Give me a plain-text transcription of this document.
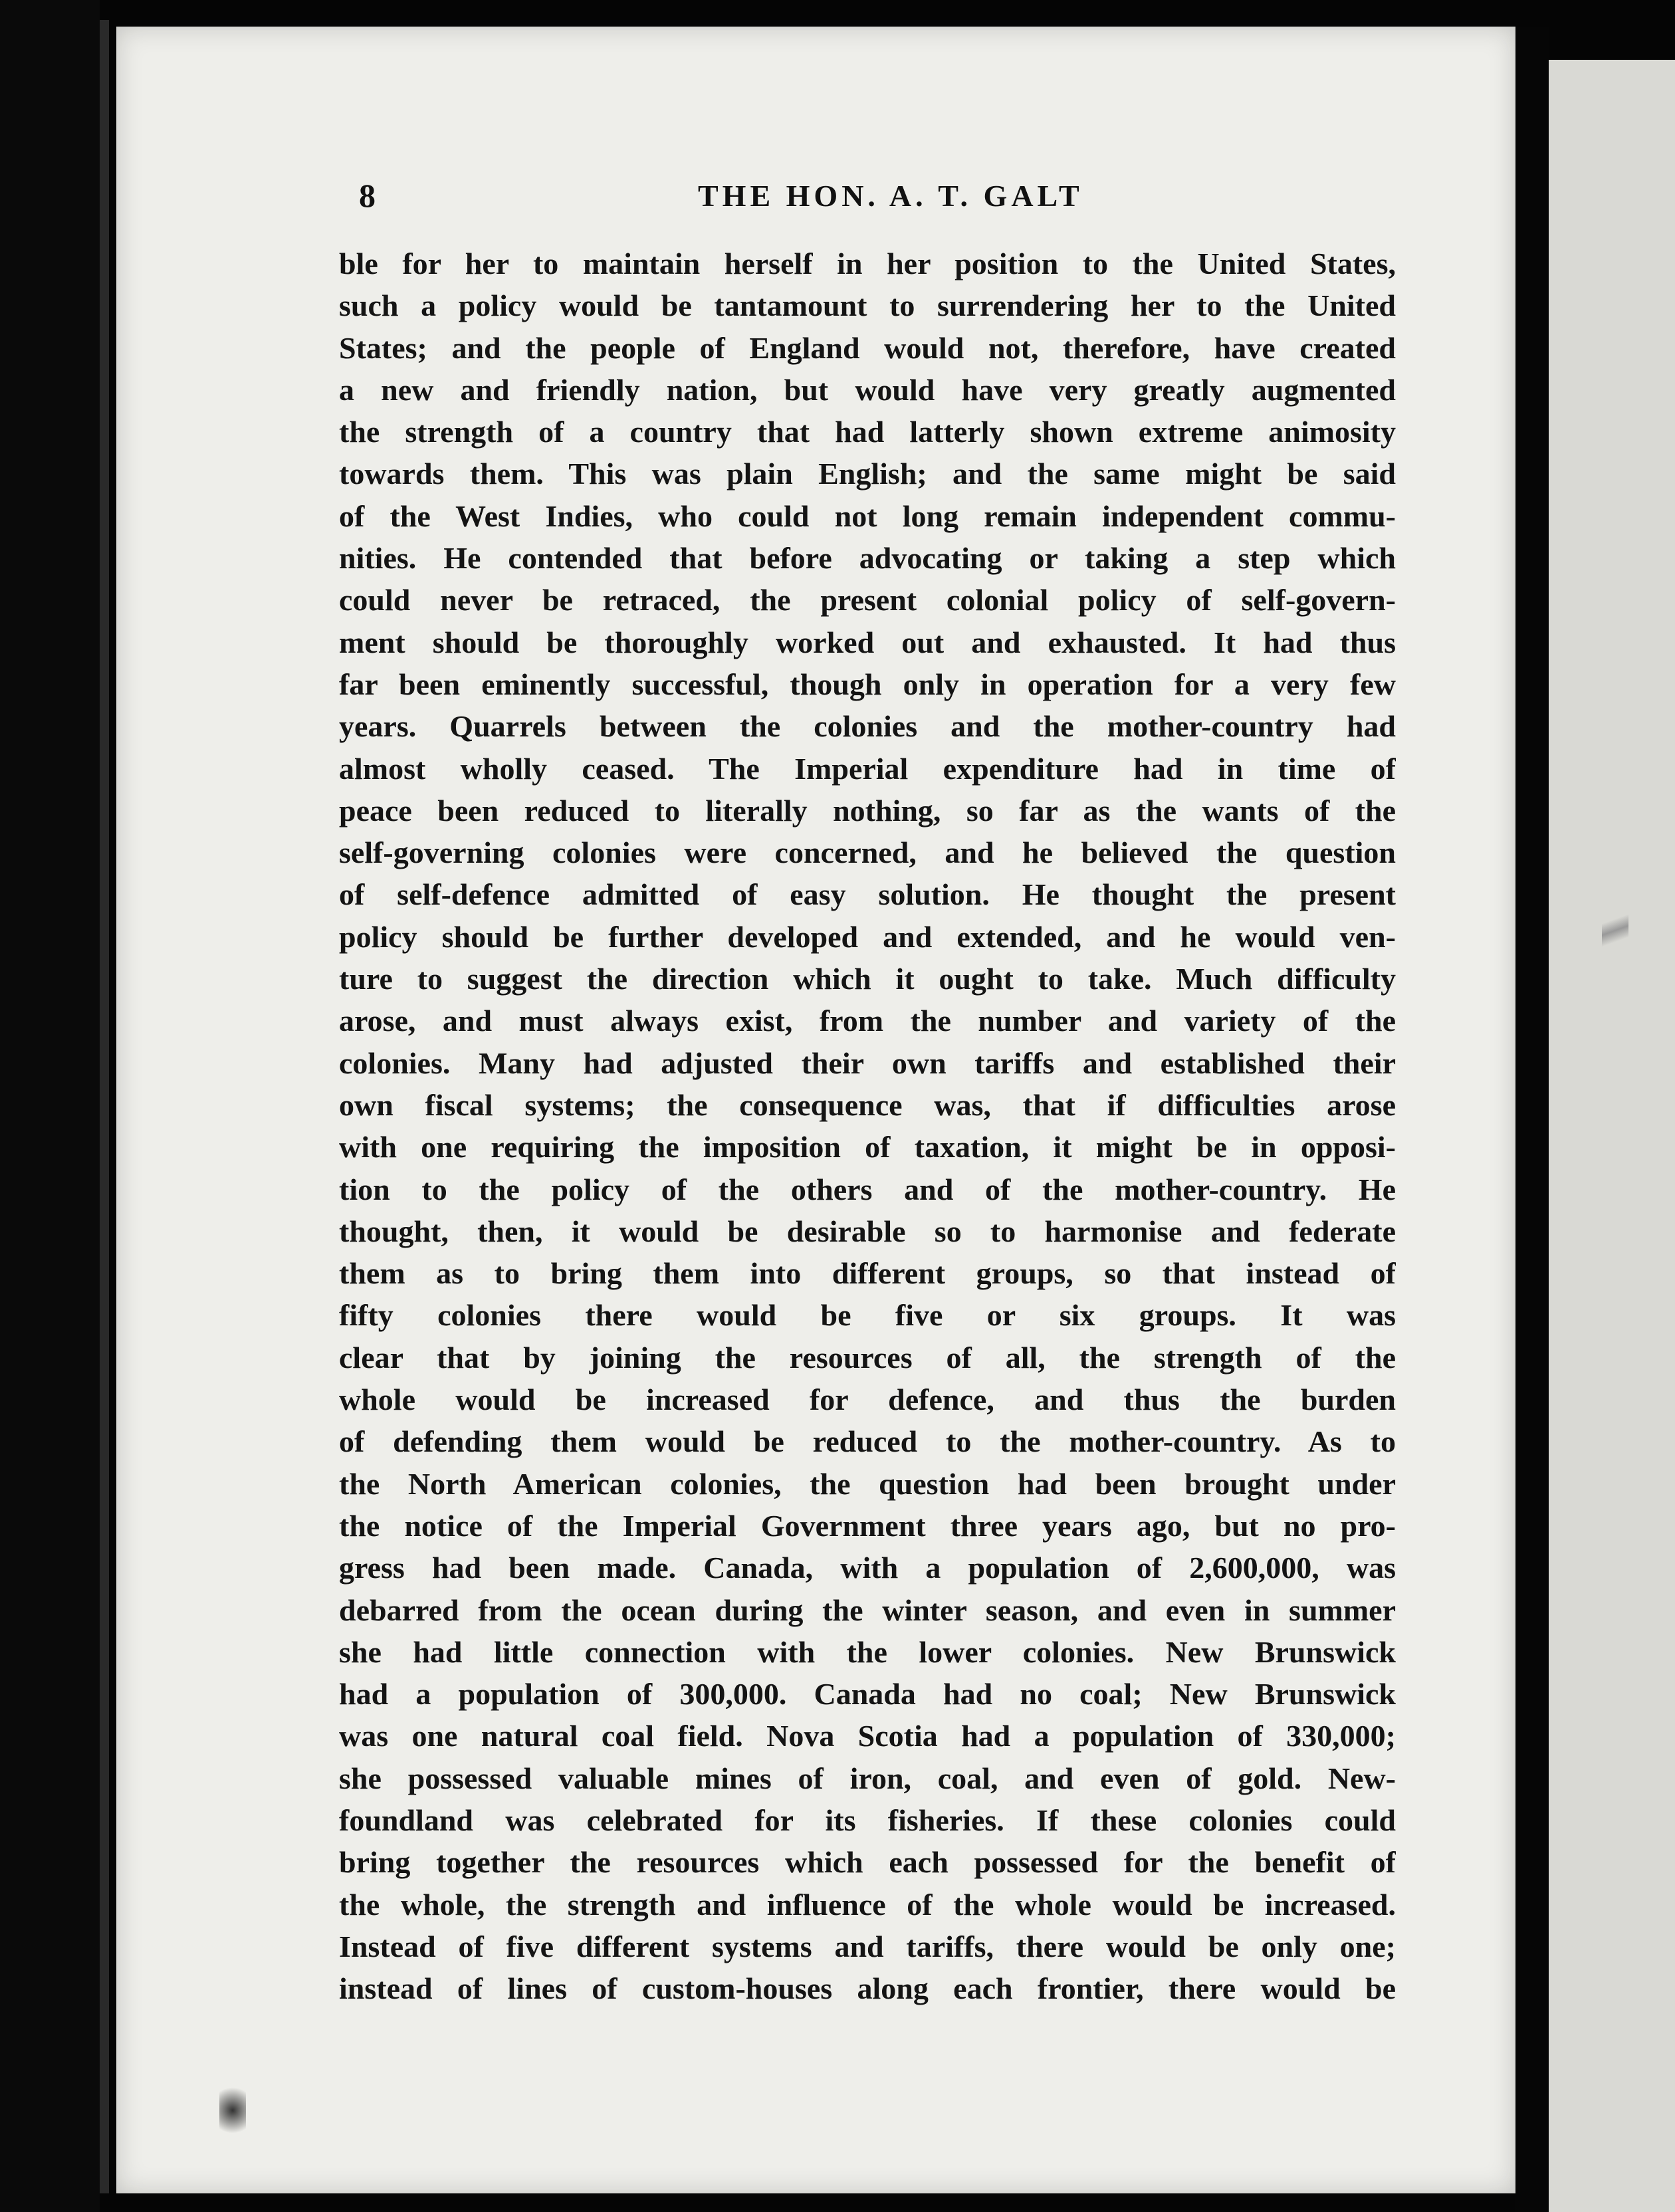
8	THE HON. A. T. GALT
ble for her to maintain herself in her position to the United States,
such a policy would be tantamount to surrendering her to the United
States; and the people of England would not, therefore, have created
a new and friendly nation, but would have very greatly augmented
the strength of a country that had latterly shown extreme animosity
towards them. This was plain English; and the same might be said
of the West Indies, who could not long remain independent commu-
nities. He contended that before advocating or taking a step which
could never be retraced, the present colonial policy of self-govern-
ment should be thoroughly worked out and exhausted. It had thus
far been eminently successful, though only in operation for a very few
years. Quarrels between the colonies and the mother-country had
almost wholly ceased. The Imperial expenditure had in time of
peace been reduced to literally nothing, so far as the wants of the
self-governing colonies were concerned, and he believed the question
of self-defence admitted of easy solution. He thought the present
policy should be further developed and extended, and he would ven-
ture to suggest the direction which it ought to take. Much difficulty
arose, and must always exist, from the number and variety of the
colonies. Many had adjusted their own tariffs and established their
own fiscal systems; the consequence was, that if difficulties arose
with one requiring the imposition of taxation, it might be in opposi-
tion to the policy of the others and of the mother-country. He
thought, then, it would be desirable so to harmonise and federate
them as to bring them into different groups, so that instead of
fifty colonies there would be five or six groups. It was
clear that by joining the resources of all, the strength of the
whole would be increased for defence, and thus the burden
of defending them would be reduced to the mother-country. As to
the North American colonies, the question had been brought under
the notice of the Imperial Government three years ago, but no pro-
gress had been made. Canada, with a population of 2,600,000, was
debarred from the ocean during the winter season, and even in summer
she had little connection with the lower colonies. New Brunswick
had a population of 300,000. Canada had no coal; New Brunswick
was one natural coal field. Nova Scotia had a population of 330,000;
she possessed valuable mines of iron, coal, and even of gold. New-
foundland was celebrated for its fisheries. If these colonies could
bring together the resources which each possessed for the benefit of
the whole, the strength and influence of the whole would be increased.
Instead of five different systems and tariffs, there would be only one;
instead of lines of custom-houses along each frontier, there would be
